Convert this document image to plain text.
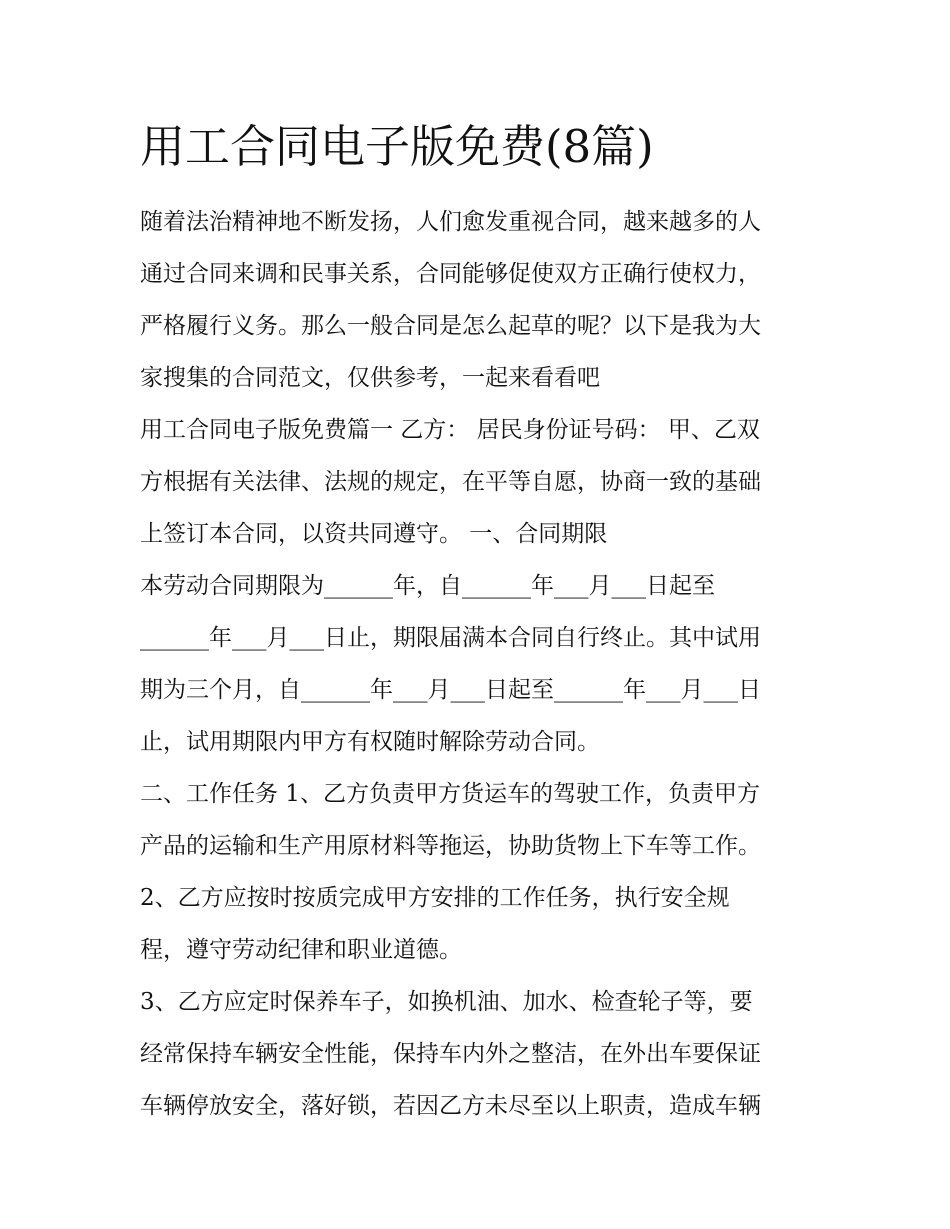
用工合同电子版免费(8篇)
随着法治精神地不断发扬，人们愈发重视合同，越来越多的人
通过合同来调和民事关系，合同能够促使双方正确行使权力，
严格履行义务。那么一般合同是怎么起草的呢？以下是我为大
家搜集的合同范文，仅供参考，一起来看看吧
用工合同电子版免费篇一 乙方： 居民身份证号码： 甲、乙双
方根据有关法律、法规的规定，在平等自愿，协商一致的基础
上签订本合同，以资共同遵守。 一、合同期限
本劳动合同期限为______年，自______年___月___日起至
______年___月___日止，期限届满本合同自行终止。其中试用
期为三个月，自______年___月___日起至______年___月___日
止，试用期限内甲方有权随时解除劳动合同。
二、工作任务 1、乙方负责甲方货运车的驾驶工作，负责甲方
产品的运输和生产用原材料等拖运，协助货物上下车等工作。
2、乙方应按时按质完成甲方安排的工作任务，执行安全规
程，遵守劳动纪律和职业道德。
3、乙方应定时保养车子，如换机油、加水、检查轮子等，要
经常保持车辆安全性能，保持车内外之整洁，在外出车要保证
车辆停放安全，落好锁，若因乙方未尽至以上职责，造成车辆
